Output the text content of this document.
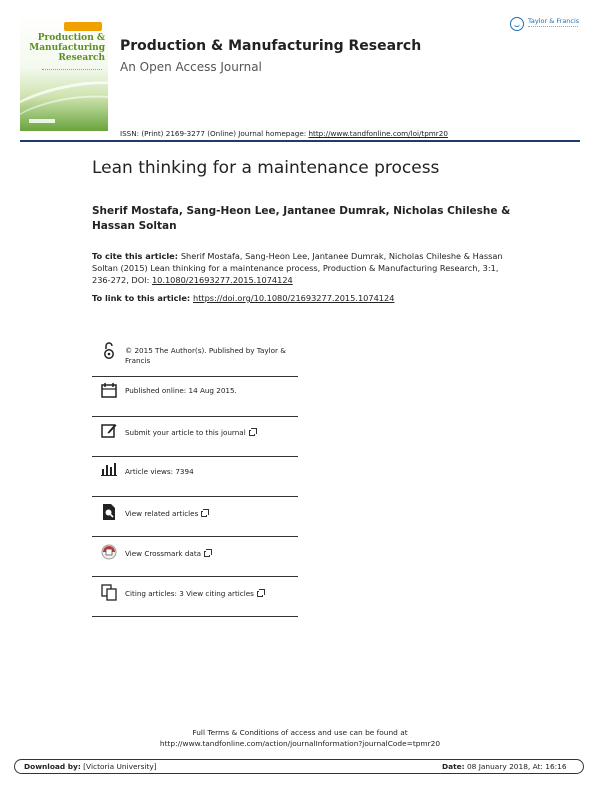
Production &
Manufacturing
Research
Production & Manufacturing Research
An Open Access Journal
Taylor & Francis
ISSN: (Print) 2169-3277 (Online) Journal homepage: http://www.tandfonline.com/loi/tpmr20
Lean thinking for a maintenance process
Sherif Mostafa, Sang-Heon Lee, Jantanee Dumrak, Nicholas Chileshe & Hassan Soltan
To cite this article: Sherif Mostafa, Sang-Heon Lee, Jantanee Dumrak, Nicholas Chileshe & Hassan Soltan (2015) Lean thinking for a maintenance process, Production & Manufacturing Research, 3:1, 236-272, DOI: 10.1080/21693277.2015.1074124
To link to this article: https://doi.org/10.1080/21693277.2015.1074124
© 2015 The Author(s). Published by Taylor & Francis
Published online: 14 Aug 2015.
Submit your article to this journal
Article views: 7394
View related articles
View Crossmark data
Citing articles: 3 View citing articles
Full Terms & Conditions of access and use can be found at
http://www.tandfonline.com/action/journalInformation?journalCode=tpmr20
Download by: [Victoria University]	Date: 08 January 2018, At: 16:16
